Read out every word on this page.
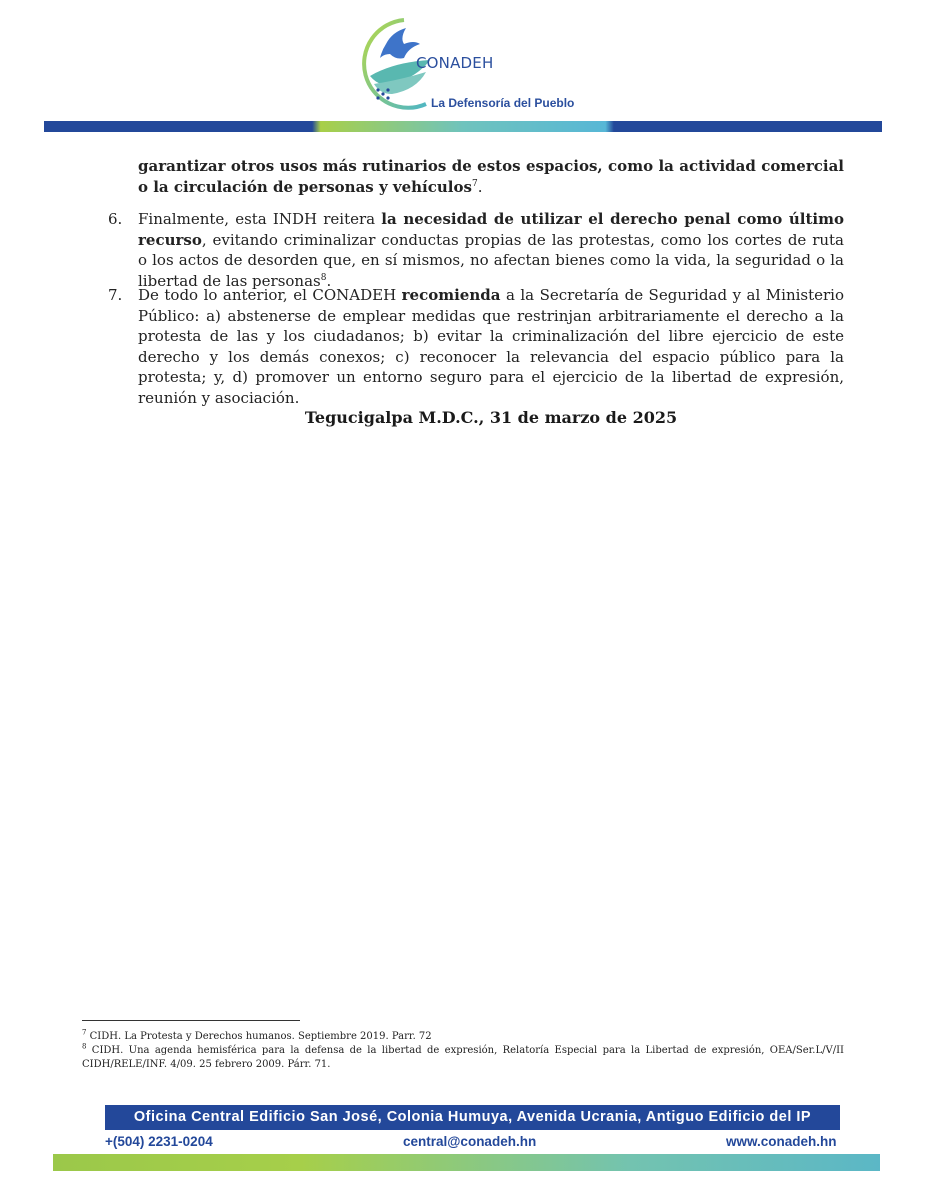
CONADEH
La Defensoría del Pueblo
garantizar otros usos más rutinarios de estos espacios, como la actividad comercial o la circulación de personas y vehículos$^7$.
6. Finalmente, esta INDH reitera la necesidad de utilizar el derecho penal como último recurso, evitando criminalizar conductas propias de las protestas, como los cortes de ruta o los actos de desorden que, en sí mismos, no afectan bienes como la vida, la seguridad o la libertad de las personas$^8$.
7. De todo lo anterior, el CONADEH recomienda a la Secretaría de Seguridad y al Ministerio Público: a) abstenerse de emplear medidas que restrinjan arbitrariamente el derecho a la protesta de las y los ciudadanos; b) evitar la criminalización del libre ejercicio de este derecho y los demás conexos; c) reconocer la relevancia del espacio público para la protesta; y, d) promover un entorno seguro para el ejercicio de la libertad de expresión, reunión y asociación.
Tegucigalpa M.D.C., 31 de marzo de 2025

$^7$ CIDH. La Protesta y Derechos humanos. Septiembre 2019. Parr. 72

$^8$ CIDH. Una agenda hemisférica para la defensa de la libertad de expresión, Relatoría Especial para la Libertad de expresión, OEA/Ser.L/V/II CIDH/RELE/INF. 4/09. 25 febrero 2009. Párr. 71.

Oficina Central Edificio San José, Colonia Humuya, Avenida Ucrania, Antiguo Edificio del IP
+(504) 2231-0204	central@conadeh.hn	www.conadeh.hn
